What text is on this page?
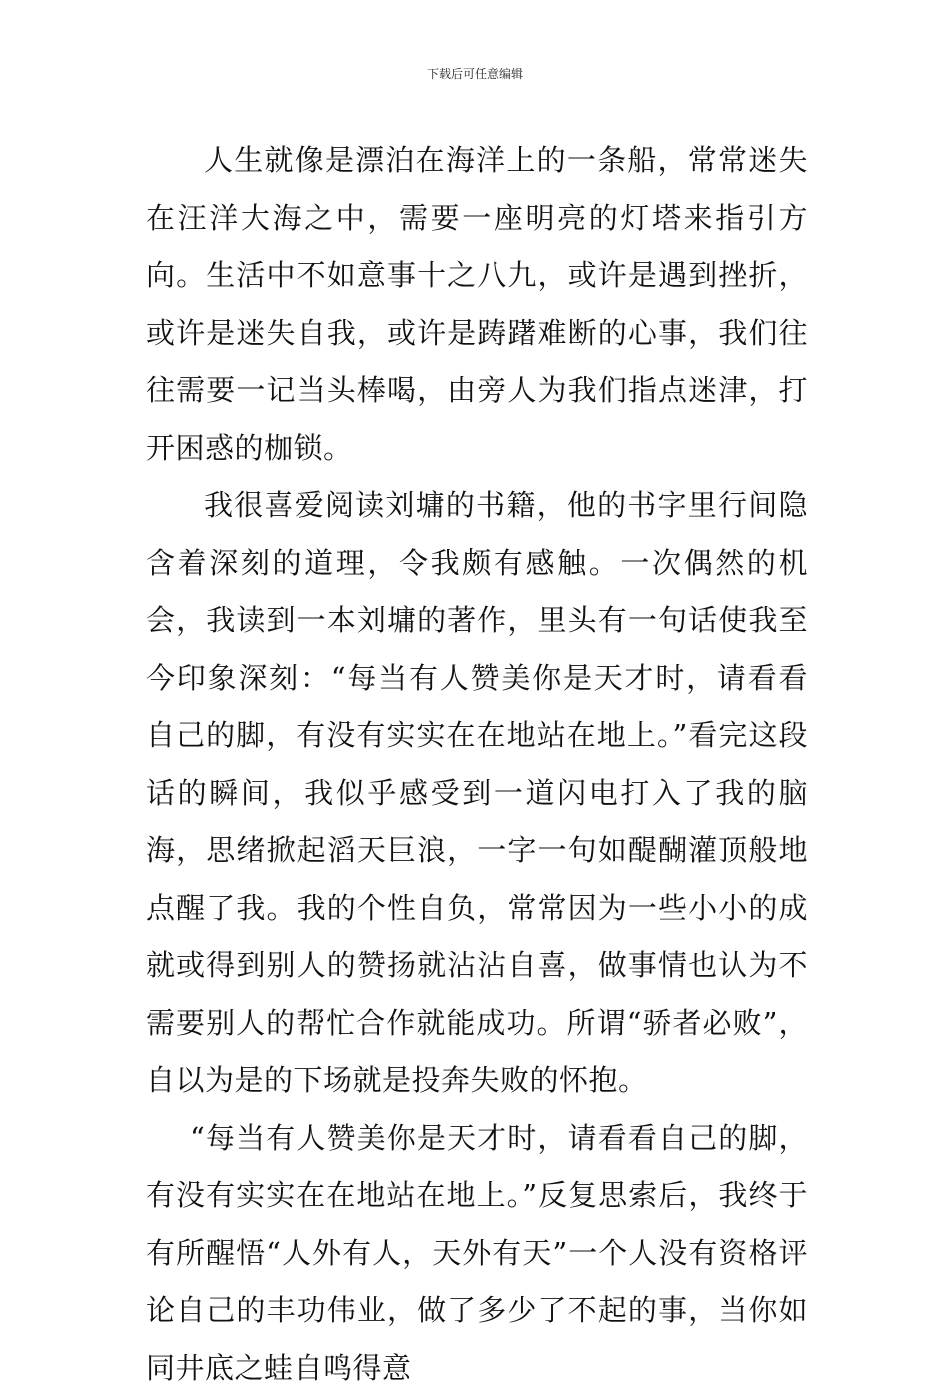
下载后可任意编辑

人生就像是漂泊在海洋上的一条船，常常迷失在汪洋大海之中，需要一座明亮的灯塔来指引方向。生活中不如意事十之八九，或许是遇到挫折，或许是迷失自我，或许是踌躇难断的心事，我们往往需要一记当头棒喝，由旁人为我们指点迷津，打开困惑的枷锁。

我很喜爱阅读刘墉的书籍，他的书字里行间隐含着深刻的道理，令我颇有感触。一次偶然的机会，我读到一本刘墉的著作，里头有一句话使我至今印象深刻：“每当有人赞美你是天才时，请看看自己的脚，有没有实实在在地站在地上。”看完这段话的瞬间，我似乎感受到一道闪电打入了我的脑海，思绪掀起滔天巨浪，一字一句如醍醐灌顶般地点醒了我。我的个性自负，常常因为一些小小的成就或得到别人的赞扬就沾沾自喜，做事情也认为不需要别人的帮忙合作就能成功。所谓“骄者必败”，自以为是的下场就是投奔失败的怀抱。

“每当有人赞美你是天才时，请看看自己的脚，有没有实实在在地站在地上。”反复思索后，我终于有所醒悟“人外有人，天外有天”一个人没有资格评论自己的丰功伟业，做了多少了不起的事，当你如同井底之蛙自鸣得意
